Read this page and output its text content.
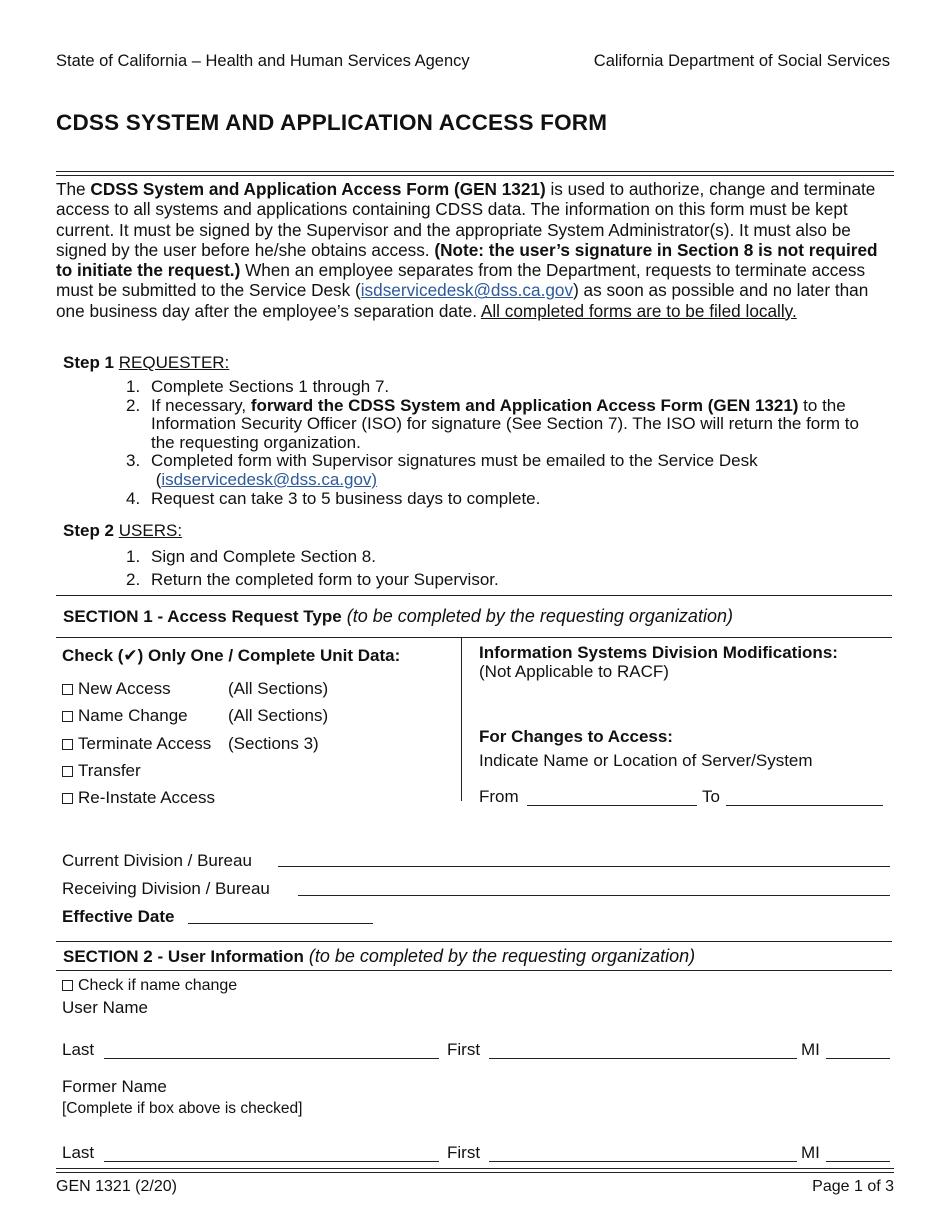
State of California – Health and Human Services Agency	California Department of Social Services
CDSS SYSTEM AND APPLICATION ACCESS FORM
The CDSS System and Application Access Form (GEN 1321) is used to authorize, change and terminate access to all systems and applications containing CDSS data. The information on this form must be kept current. It must be signed by the Supervisor and the appropriate System Administrator(s). It must also be signed by the user before he/she obtains access. (Note: the user’s signature in Section 8 is not required to initiate the request.) When an employee separates from the Department, requests to terminate access must be submitted to the Service Desk (isdservicedesk@dss.ca.gov) as soon as possible and no later than one business day after the employee’s separation date. All completed forms are to be filed locally.
Step 1 REQUESTER:
1. Complete Sections 1 through 7.
2. If necessary, forward the CDSS System and Application Access Form (GEN 1321) to the Information Security Officer (ISO) for signature (See Section 7). The ISO will return the form to the requesting organization.
3. Completed form with Supervisor signatures must be emailed to the Service Desk
(isdservicedesk@dss.ca.gov)
4. Request can take 3 to 5 business days to complete.
Step 2 USERS:
1. Sign and Complete Section 8.
2. Return the completed form to your Supervisor.
SECTION 1 - Access Request Type (to be completed by the requesting organization)
Check (✔) Only One / Complete Unit Data:
New Access	(All Sections)
Name Change (All Sections)
Terminate Access (Sections 3)
Transfer
Re-Instate Access
Information Systems Division Modifications:
(Not Applicable to RACF)
For Changes to Access:
Indicate Name or Location of Server/System
From	To
Current Division / Bureau
Receiving Division / Bureau
Effective Date
SECTION 2 - User Information (to be completed by the requesting organization)
Check if name change
User Name
Last	First	MI
Former Name
[Complete if box above is checked]
Last	First	MI
GEN 1321 (2/20)	Page 1 of 3
